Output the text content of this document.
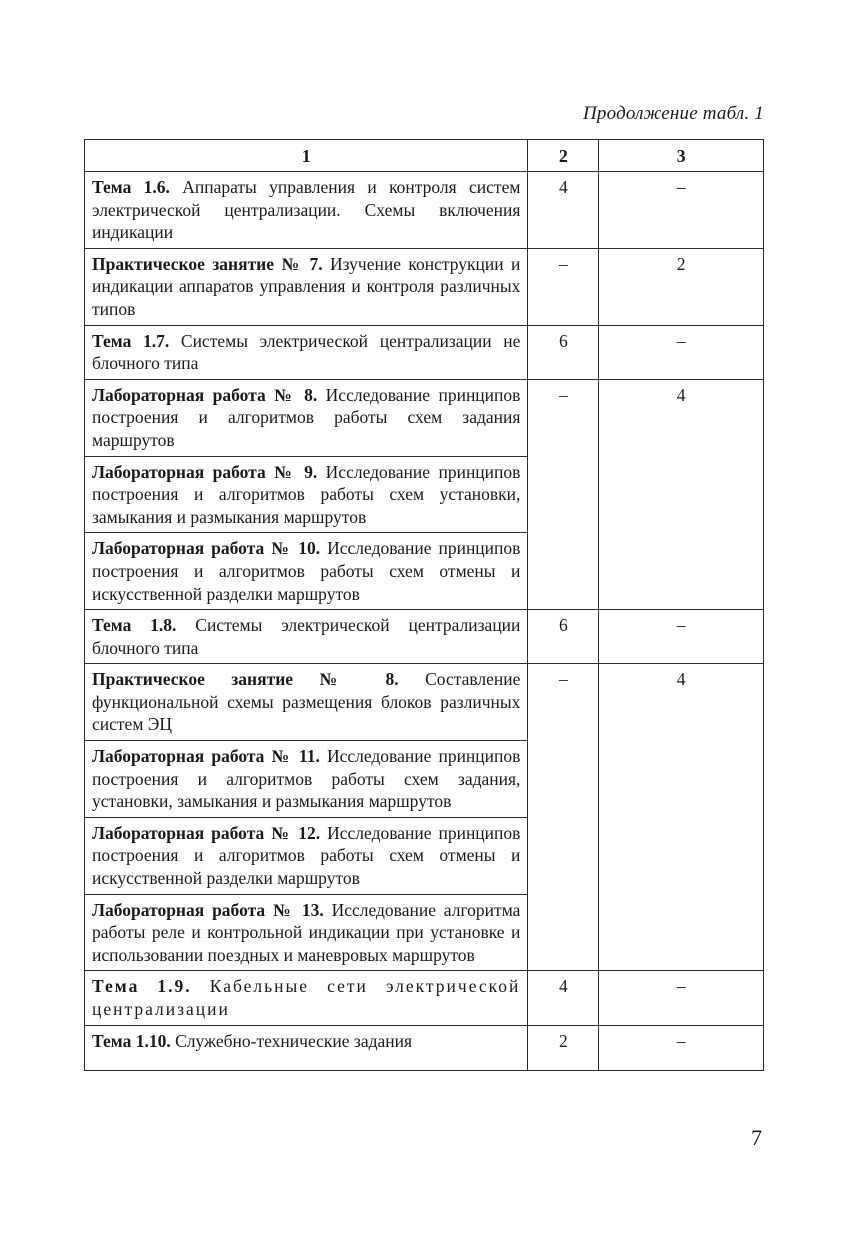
Продолжение табл. 1
1	2	3
Тема 1.6. Аппараты управления и контроля систем электрической централизации. Схемы включения индикации	4	–
Практическое занятие № 7. Изучение конструкции и индикации аппаратов управления и контроля различных типов	–	2
Тема 1.7. Системы электрической централизации не блочного типа	6	–
Лабораторная работа № 8. Исследование принципов построения и алгоритмов работы схем задания маршрутов	–	4
Лабораторная работа № 9. Исследование принципов построения и алгоритмов работы схем установки, замыкания и размыкания маршрутов		
Лабораторная работа № 10. Исследование принципов построения и алгоритмов работы схем отмены и искусственной разделки маршрутов		
Тема 1.8. Системы электрической централизации блочного типа	6	–
Практическое занятие № 8. Составление функциональной схемы размещения блоков различных систем ЭЦ	–	4
Лабораторная работа № 11. Исследование принципов построения и алгоритмов работы схем задания, установки, замыкания и размыкания маршрутов		
Лабораторная работа № 12. Исследование принципов построения и алгоритмов работы схем отмены и искусственной разделки маршрутов		
Лабораторная работа № 13. Исследование алгоритма работы реле и контрольной индикации при установке и использовании поездных и маневровых маршрутов		
Тема 1.9. Кабельные сети электрической централизации	4	–
Тема 1.10. Служебно-технические задания	2	–
7
